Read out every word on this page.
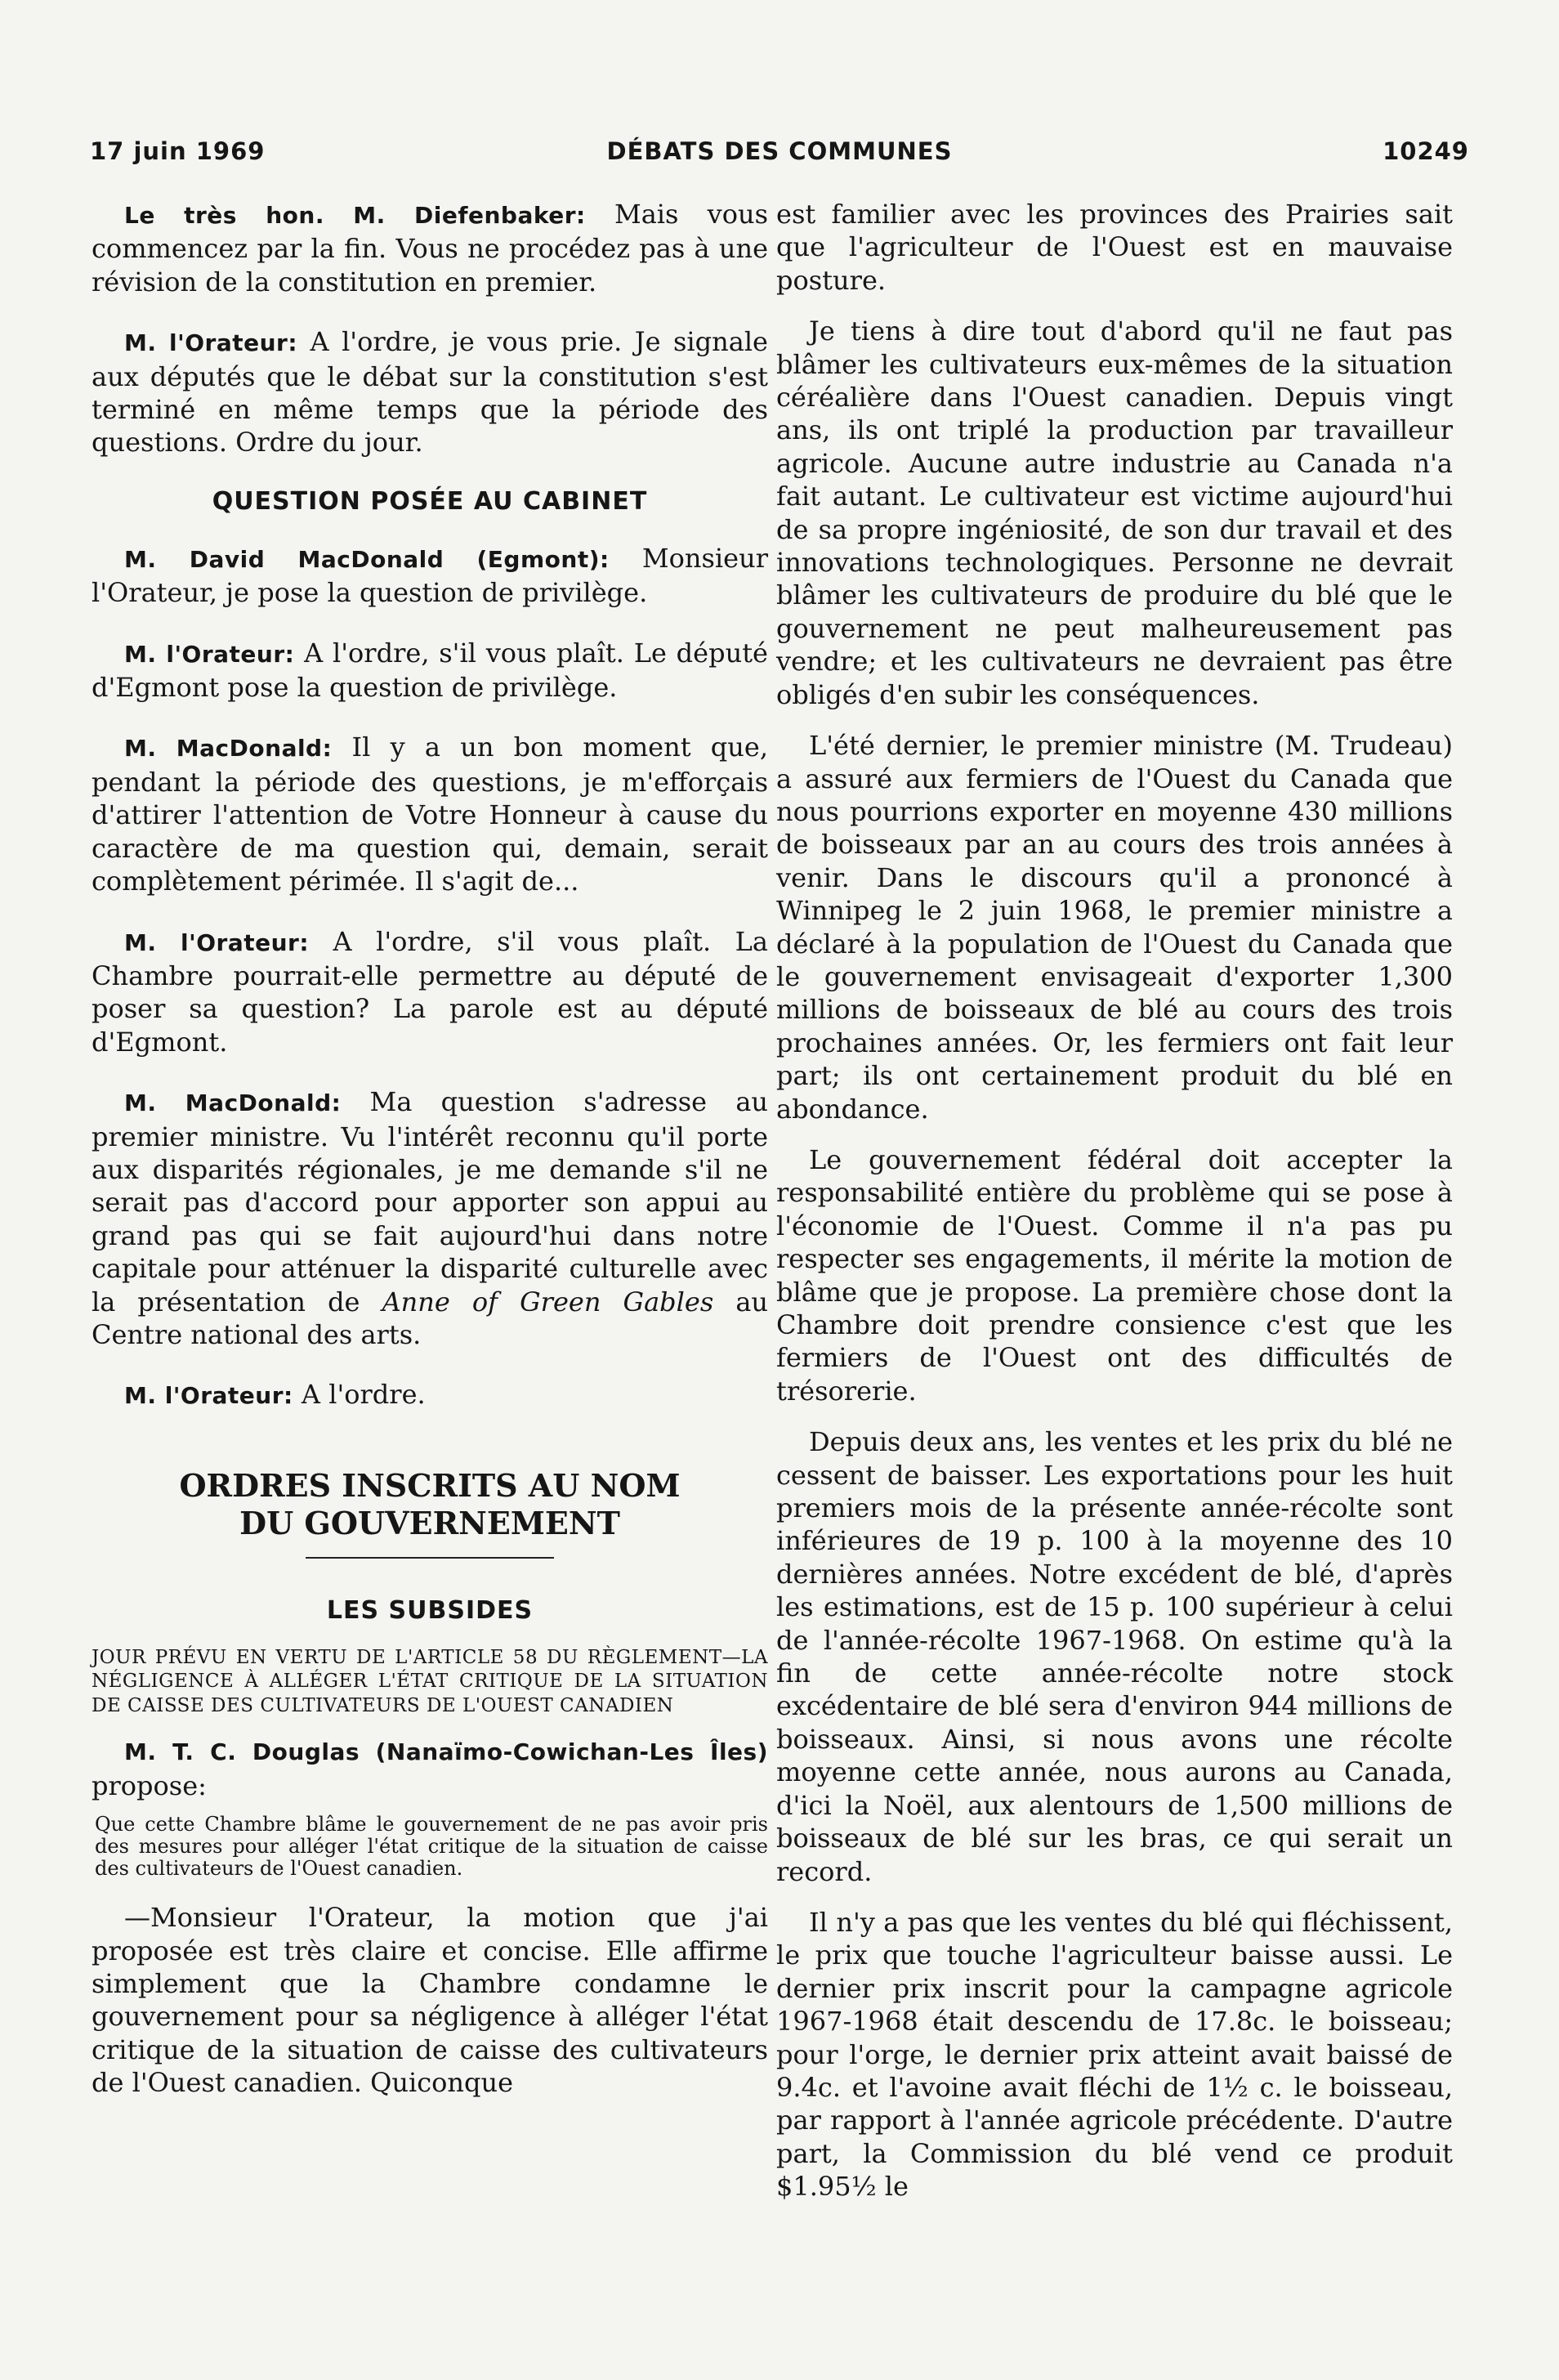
17 juin 1969	DÉBATS DES COMMUNES	10249

Le très hon. M. Diefenbaker: Mais vous commencez par la fin. Vous ne procédez pas à une révision de la constitution en premier.

M. l'Orateur: A l'ordre, je vous prie. Je signale aux députés que le débat sur la constitution s'est terminé en même temps que la période des questions. Ordre du jour.

QUESTION POSÉE AU CABINET

M. David MacDonald (Egmont): Monsieur l'Orateur, je pose la question de privilège.

M. l'Orateur: A l'ordre, s'il vous plaît. Le député d'Egmont pose la question de privilège.

M. MacDonald: Il y a un bon moment que, pendant la période des questions, je m'efforçais d'attirer l'attention de Votre Honneur à cause du caractère de ma question qui, demain, serait complètement périmée. Il s'agit de...

M. l'Orateur: A l'ordre, s'il vous plaît. La Chambre pourrait-elle permettre au député de poser sa question? La parole est au député d'Egmont.

M. MacDonald: Ma question s'adresse au premier ministre. Vu l'intérêt reconnu qu'il porte aux disparités régionales, je me demande s'il ne serait pas d'accord pour apporter son appui au grand pas qui se fait aujourd'hui dans notre capitale pour atténuer la disparité culturelle avec la présentation de Anne of Green Gables au Centre national des arts.

M. l'Orateur: A l'ordre.

ORDRES INSCRITS AU NOM
DU GOUVERNEMENT
LES SUBSIDES

JOUR PRÉVU EN VERTU DE L'ARTICLE 58 DU RÈGLEMENT—LA NÉGLIGENCE À ALLÉGER L'ÉTAT CRITIQUE DE LA SITUATION DE CAISSE DES CULTIVATEURS DE L'OUEST CANADIEN

M. T. C. Douglas (Nanaïmo-Cowichan-Les Îles) propose:

Que cette Chambre blâme le gouvernement de ne pas avoir pris des mesures pour alléger l'état critique de la situation de caisse des cultivateurs de l'Ouest canadien.

—Monsieur l'Orateur, la motion que j'ai proposée est très claire et concise. Elle affirme simplement que la Chambre condamne le gouvernement pour sa négligence à alléger l'état critique de la situation de caisse des cultivateurs de l'Ouest canadien. Quiconque

est familier avec les provinces des Prairies sait que l'agriculteur de l'Ouest est en mauvaise posture.

Je tiens à dire tout d'abord qu'il ne faut pas blâmer les cultivateurs eux-mêmes de la situation céréalière dans l'Ouest canadien. Depuis vingt ans, ils ont triplé la production par travailleur agricole. Aucune autre industrie au Canada n'a fait autant. Le cultivateur est victime aujourd'hui de sa propre ingéniosité, de son dur travail et des innovations technologiques. Personne ne devrait blâmer les cultivateurs de produire du blé que le gouvernement ne peut malheureusement pas vendre; et les cultivateurs ne devraient pas être obligés d'en subir les conséquences.

L'été dernier, le premier ministre (M. Trudeau) a assuré aux fermiers de l'Ouest du Canada que nous pourrions exporter en moyenne 430 millions de boisseaux par an au cours des trois années à venir. Dans le discours qu'il a prononcé à Winnipeg le 2 juin 1968, le premier ministre a déclaré à la population de l'Ouest du Canada que le gouvernement envisageait d'exporter 1,300 millions de boisseaux de blé au cours des trois prochaines années. Or, les fermiers ont fait leur part; ils ont certainement produit du blé en abondance.

Le gouvernement fédéral doit accepter la responsabilité entière du problème qui se pose à l'économie de l'Ouest. Comme il n'a pas pu respecter ses engagements, il mérite la motion de blâme que je propose. La première chose dont la Chambre doit prendre consience c'est que les fermiers de l'Ouest ont des difficultés de trésorerie.

Depuis deux ans, les ventes et les prix du blé ne cessent de baisser. Les exportations pour les huit premiers mois de la présente année-récolte sont inférieures de 19 p. 100 à la moyenne des 10 dernières années. Notre excédent de blé, d'après les estimations, est de 15 p. 100 supérieur à celui de l'année-récolte 1967-1968. On estime qu'à la fin de cette année-récolte notre stock excédentaire de blé sera d'environ 944 millions de boisseaux. Ainsi, si nous avons une récolte moyenne cette année, nous aurons au Canada, d'ici la Noël, aux alentours de 1,500 millions de boisseaux de blé sur les bras, ce qui serait un record.

Il n'y a pas que les ventes du blé qui fléchissent, le prix que touche l'agriculteur baisse aussi. Le dernier prix inscrit pour la campagne agricole 1967-1968 était descendu de 17.8c. le boisseau; pour l'orge, le dernier prix atteint avait baissé de 9.4c. et l'avoine avait fléchi de 1½ c. le boisseau, par rapport à l'année agricole précédente. D'autre part, la Commission du blé vend ce produit $1.95½ le
